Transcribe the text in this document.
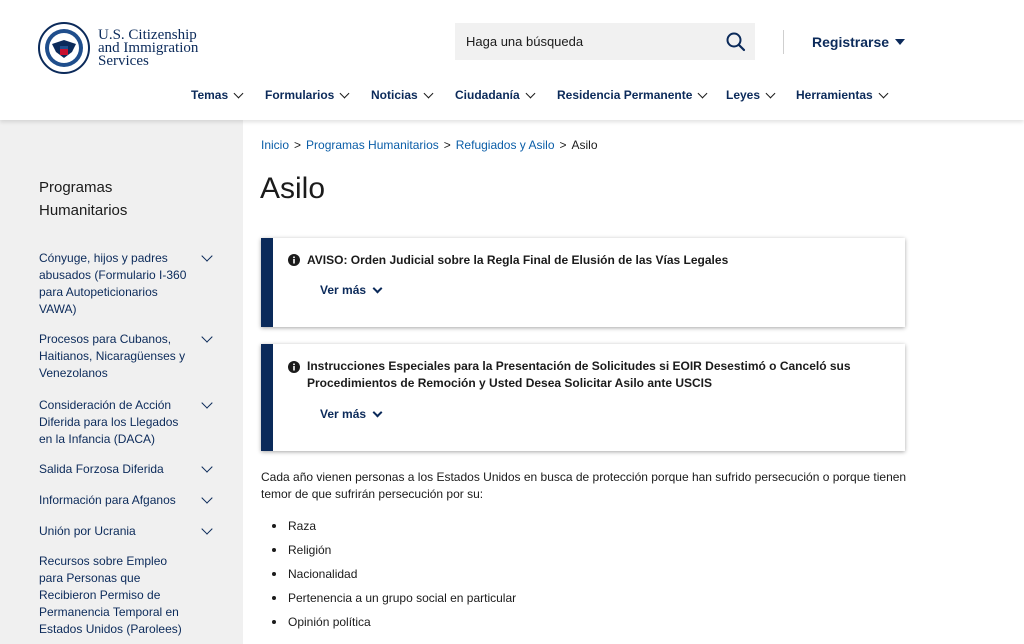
U.S. Citizenship
and Immigration
Services
Haga una búsqueda
Registrarse
Temas	Formularios	Noticias	Ciudadanía	Residencia Permanente	Leyes	Herramientas
Programas Humanitarios
Cónyuge, hijos y padres abusados (Formulario I-360 para Autopeticionarios VAWA)
Procesos para Cubanos, Haitianos, Nicaragüenses y Venezolanos
Consideración de Acción Diferida para los Llegados en la Infancia (DACA)
Salida Forzosa Diferida
Información para Afganos
Unión por Ucrania
Recursos sobre Empleo para Personas que Recibieron Permiso de Permanencia Temporal en Estados Unidos (Parolees)
Inicio > Programas Humanitarios > Refugiados y Asilo > Asilo
Asilo
AVISO: Orden Judicial sobre la Regla Final de Elusión de las Vías Legales
Ver más
Instrucciones Especiales para la Presentación de Solicitudes si EOIR Desestimó o Canceló sus Procedimientos de Remoción y Usted Desea Solicitar Asilo ante USCIS
Ver más

Cada año vienen personas a los Estados Unidos en busca de protección porque han sufrido persecución o porque tienen temor de que sufrirán persecución por su:

Raza
Religión
Nacionalidad
Pertenencia a un grupo social en particular
Opinión política
